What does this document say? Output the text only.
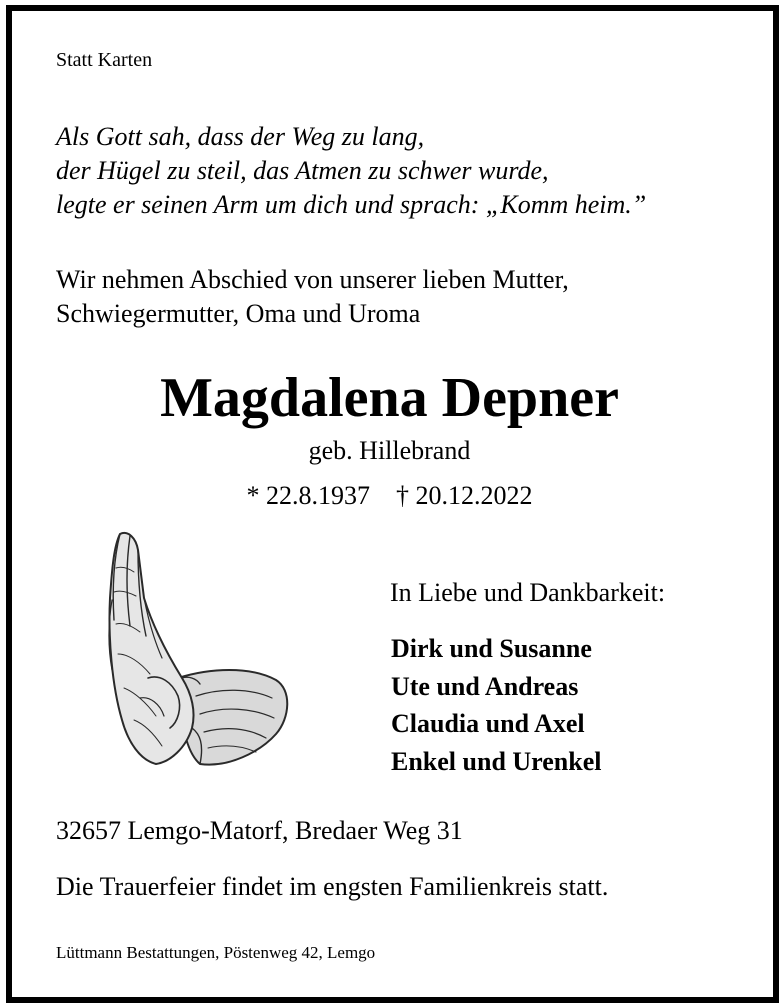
Statt Karten
Als Gott sah, dass der Weg zu lang,
der Hügel zu steil, das Atmen zu schwer wurde,
legte er seinen Arm um dich und sprach: „Komm heim.”
Wir nehmen Abschied von unserer lieben Mutter,
Schwiegermutter, Oma und Uroma
Magdalena Depner
geb. Hillebrand
* 22.8.1937 † 20.12.2022
In Liebe und Dankbarkeit:
Dirk und Susanne
Ute und Andreas
Claudia und Axel
Enkel und Urenkel
32657 Lemgo-Matorf, Bredaer Weg 31
Die Trauerfeier findet im engsten Familienkreis statt.
Lüttmann Bestattungen, Pöstenweg 42, Lemgo
